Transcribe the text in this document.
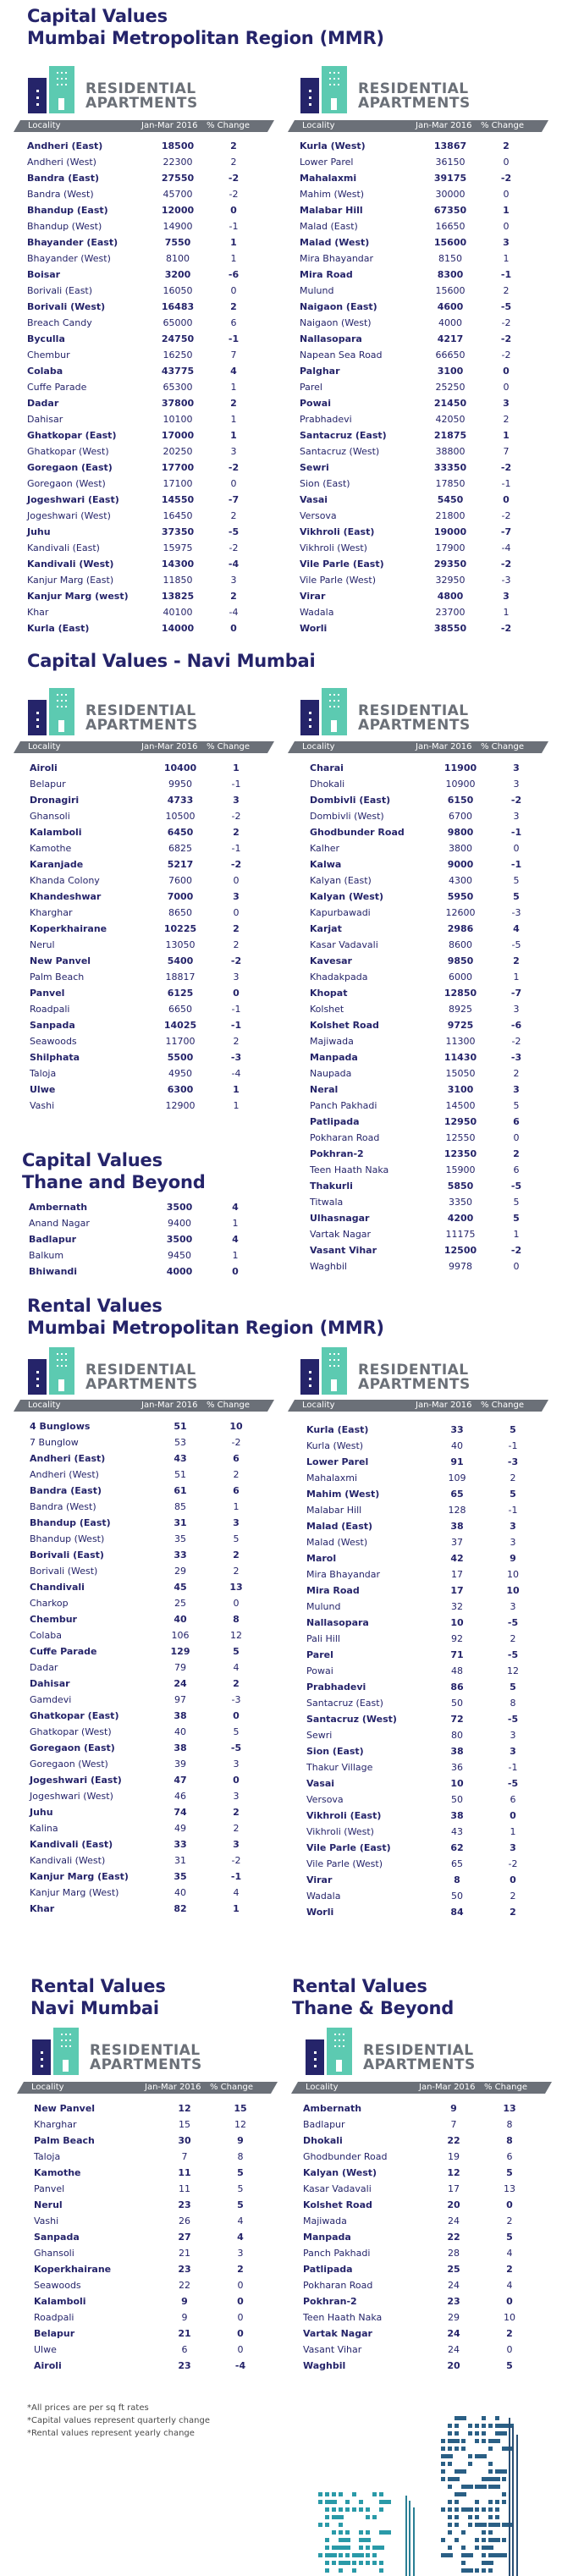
Capital Values
Mumbai Metropolitan Region (MMR)
RESIDENTIAL
APARTMENTS
Locality	Jan-Mar 2016 % Change
Andheri (East)	18500	2
Andheri (West)	22300	2
Bandra (East)	27550	-2
Bandra (West)	45700	-2
Bhandup (East)	12000	0
Bhandup (West)	14900	-1
Bhayander (East)	7550	1
Bhayander (West)	8100	1
Boisar	3200	-6
Borivali (East)	16050	0
Borivali (West)	16483	2
Breach Candy	65000	6
Byculla	24750	-1
Chembur	16250	7
Colaba	43775	4
Cuffe Parade	65300	1
Dadar	37800	2
Dahisar	10100	1
Ghatkopar (East)	17000	1
Ghatkopar (West)	20250	3
Goregaon (East)	17700	-2
Goregaon (West)	17100	0
Jogeshwari (East)	14550	-7
Jogeshwari (West)	16450	2
Juhu	37350	-5
Kandivali (East)	15975	-2
Kandivali (West)	14300	-4
Kanjur Marg (East)	11850	3
Kanjur Marg (west)	13825	2
Khar	40100	-4
Kurla (East)	14000	0
RESIDENTIAL
APARTMENTS
Locality	Jan-Mar 2016 % Change
Kurla (West)	13867	2
Lower Parel	36150	0
Mahalaxmi	39175	-2
Mahim (West)	30000	0
Malabar Hill	67350	1
Malad (East)	16650	0
Malad (West)	15600	3
Mira Bhayandar	8150	1
Mira Road	8300	-1
Mulund	15600	2
Naigaon (East)	4600	-5
Naigaon (West)	4000	-2
Nallasopara	4217	-2
Napean Sea Road	66650	-2
Palghar	3100	0
Parel	25250	0
Powai	21450	3
Prabhadevi	42050	2
Santacruz (East)	21875	1
Santacruz (West)	38800	7
Sewri	33350	-2
Sion (East)	17850	-1
Vasai	5450	0
Versova	21800	-2
Vikhroli (East)	19000	-7
Vikhroli (West)	17900	-4
Vile Parle (East)	29350	-2
Vile Parle (West)	32950	-3
Virar	4800	3
Wadala	23700	1
Worli	38550	-2
Capital Values - Navi Mumbai
RESIDENTIAL
APARTMENTS
Locality	Jan-Mar 2016 % Change
Airoli	10400	1
Belapur	9950	-1
Dronagiri	4733	3
Ghansoli	10500	-2
Kalamboli	6450	2
Kamothe	6825	-1
Karanjade	5217	-2
Khanda Colony	7600	0
Khandeshwar	7000	3
Kharghar	8650	0
Koperkhairane	10225	2
Nerul	13050	2
New Panvel	5400	-2
Palm Beach	18817	3
Panvel	6125	0
Roadpali	6650	-1
Sanpada	14025	-1
Seawoods	11700	2
Shilphata	5500	-3
Taloja	4950	-4
Ulwe	6300	1
Vashi	12900	1
RESIDENTIAL
APARTMENTS
Locality	Jan-Mar 2016 % Change
Charai	11900	3
Dhokali	10900	3
Dombivli (East)	6150	-2
Dombivli (West)	6700	3
Ghodbunder Road	9800	-1
Kalher	3800	0
Kalwa	9000	-1
Kalyan (East)	4300	5
Kalyan (West)	5950	5
Kapurbawadi	12600	-3
Karjat	2986	4
Kasar Vadavali	8600	-5
Kavesar	9850	2
Khadakpada	6000	1
Khopat	12850	-7
Kolshet	8925	3
Kolshet Road	9725	-6
Majiwada	11300	-2
Manpada	11430	-3
Naupada	15050	2
Neral	3100	3
Panch Pakhadi	14500	5
Patlipada	12950	6
Pokharan Road	12550	0
Pokhran-2	12350	2
Teen Haath Naka	15900	6
Thakurli	5850	-5
Titwala	3350	5
Ulhasnagar	4200	5
Vartak Nagar	11175	1
Vasant Vihar	12500	-2
Waghbil	9978	0
Capital Values
Thane and Beyond
Ambernath	3500	4
Anand Nagar	9400	1
Badlapur	3500	4
Balkum	9450	1
Bhiwandi	4000	0
Rental Values
Mumbai Metropolitan Region (MMR)
RESIDENTIAL
APARTMENTS
Locality	Jan-Mar 2016 % Change
4 Bunglows	51	10
7 Bunglow	53	-2
Andheri (East)	43	6
Andheri (West)	51	2
Bandra (East)	61	6
Bandra (West)	85	1
Bhandup (East)	31	3
Bhandup (West)	35	5
Borivali (East)	33	2
Borivali (West)	29	2
Chandivali	45	13
Charkop	25	0
Chembur	40	8
Colaba	106	12
Cuffe Parade	129	5
Dadar	79	4
Dahisar	24	2
Gamdevi	97	-3
Ghatkopar (East)	38	0
Ghatkopar (West)	40	5
Goregaon (East)	38	-5
Goregaon (West)	39	3
Jogeshwari (East)	47	0
Jogeshwari (West)	46	3
Juhu	74	2
Kalina	49	2
Kandivali (East)	33	3
Kandivali (West)	31	-2
Kanjur Marg (East)	35	-1
Kanjur Marg (West)	40	4
Khar	82	1
RESIDENTIAL
APARTMENTS
Locality	Jan-Mar 2016 % Change
Kurla (East)	33	5
Kurla (West)	40	-1
Lower Parel	91	-3
Mahalaxmi	109	2
Mahim (West)	65	5
Malabar Hill	128	-1
Malad (East)	38	3
Malad (West)	37	3
Marol	42	9
Mira Bhayandar	17	10
Mira Road	17	10
Mulund	32	3
Nallasopara	10	-5
Pali Hill	92	2
Parel	71	-5
Powai	48	12
Prabhadevi	86	5
Santacruz (East)	50	8
Santacruz (West)	72	-5
Sewri	80	3
Sion (East)	38	3
Thakur Village	36	-1
Vasai	10	-5
Versova	50	6
Vikhroli (East)	38	0
Vikhroli (West)	43	1
Vile Parle (East)	62	3
Vile Parle (West)	65	-2
Virar	8	0
Wadala	50	2
Worli	84	2
Rental Values
Navi Mumbai
RESIDENTIAL
APARTMENTS
Locality	Jan-Mar 2016 % Change
New Panvel	12	15
Kharghar	15	12
Palm Beach	30	9
Taloja	7	8
Kamothe	11	5
Panvel	11	5
Nerul	23	5
Vashi	26	4
Sanpada	27	4
Ghansoli	21	3
Koperkhairane	23	2
Seawoods	22	0
Kalamboli	9	0
Roadpali	9	0
Belapur	21	0
Ulwe	6	0
Airoli	23	-4
Rental Values
Thane & Beyond
RESIDENTIAL
APARTMENTS
Locality	Jan-Mar 2016 % Change
Ambernath	9	13
Badlapur	7	8
Dhokali	22	8
Ghodbunder Road	19	6
Kalyan (West)	12	5
Kasar Vadavali	17	13
Kolshet Road	20	0
Majiwada	24	2
Manpada	22	5
Panch Pakhadi	28	4
Patlipada	25	2
Pokharan Road	24	4
Pokhran-2	23	0
Teen Haath Naka	29	10
Vartak Nagar	24	2
Vasant Vihar	24	0
Waghbil	20	5
*All prices are per sq ft rates
*Capital values represent quarterly change
*Rental values represent yearly change
